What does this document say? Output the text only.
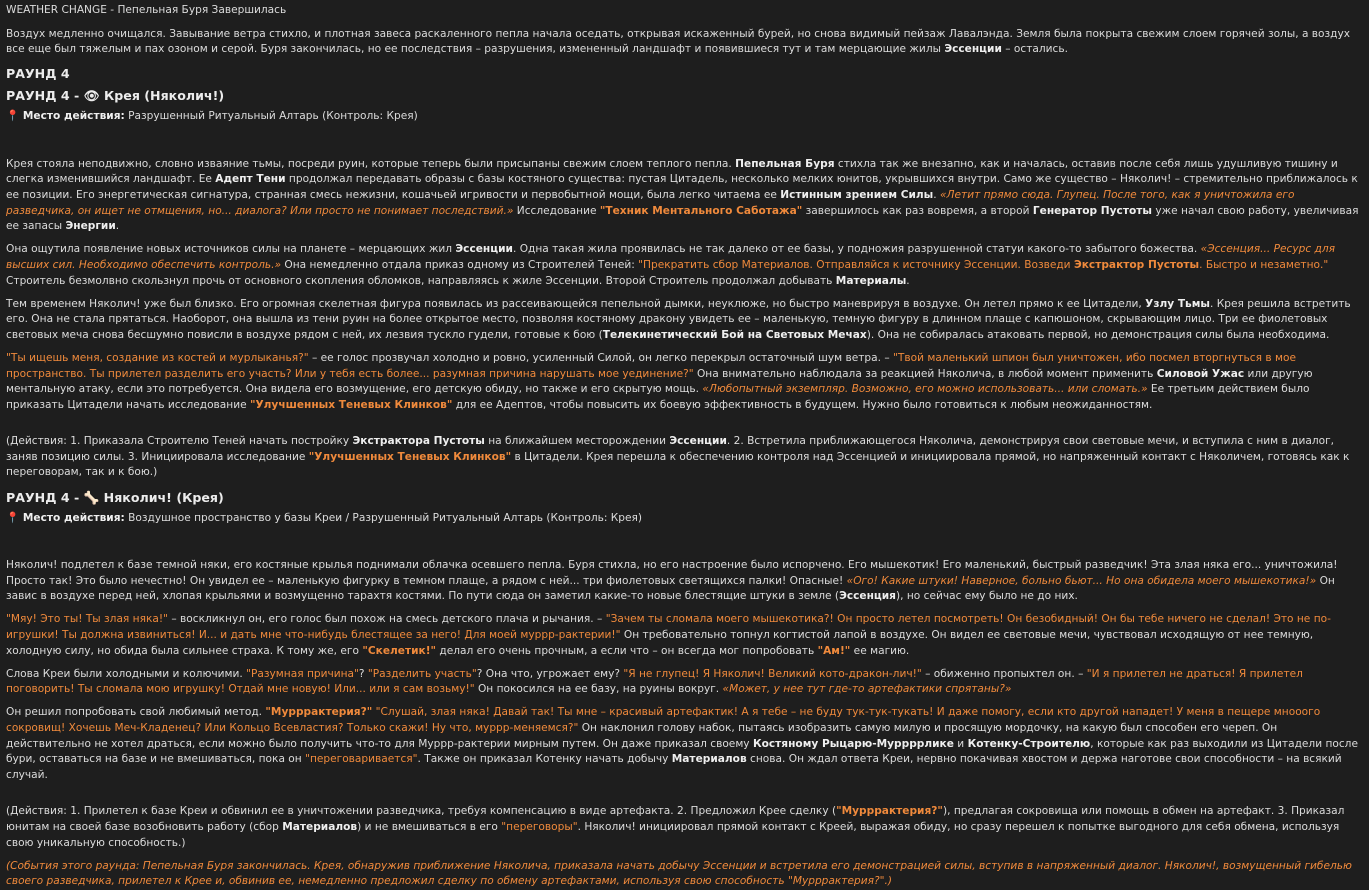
WEATHER CHANGE - Пепельная Буря Завершилась

Воздух медленно очищался. Завывание ветра стихло, и плотная завеса раскаленного пепла начала оседать, открывая искаженный бурей, но снова видимый пейзаж Лавалэнда. Земля была покрыта свежим слоем горячей золы, а воздух все еще был тяжелым и пах озоном и серой. Буря закончилась, но ее последствия – разрушения, измененный ландшафт и появившиеся тут и там мерцающие жилы Эссенции – остались.

РАУНД 4
РАУНД 4 - 👁 Крея (Няколич!)

📍 Место действия: Разрушенный Ритуальный Алтарь (Контроль: Крея)

Крея стояла неподвижно, словно изваяние тьмы, посреди руин, которые теперь были присыпаны свежим слоем теплого пепла. Пепельная Буря стихла так же внезапно, как и началась, оставив после себя лишь удушливую тишину и слегка изменившийся ландшафт. Ее Адепт Тени продолжал передавать образы с базы костяного существа: пустая Цитадель, несколько мелких юнитов, укрывшихся внутри. Само же существо – Няколич! – стремительно приближалось к ее позиции. Его энергетическая сигнатура, странная смесь нежизни, кошачьей игривости и первобытной мощи, была легко читаема ее Истинным зрением Силы. «Летит прямо сюда. Глупец. После того, как я уничтожила его разведчика, он ищет не отмщения, но... диалога? Или просто не понимает последствий.» Исследование "Техник Ментального Саботажа" завершилось как раз вовремя, а второй Генератор Пустоты уже начал свою работу, увеличивая ее запасы Энергии.

Она ощутила появление новых источников силы на планете – мерцающих жил Эссенции. Одна такая жила проявилась не так далеко от ее базы, у подножия разрушенной статуи какого-то забытого божества. «Эссенция... Ресурс для высших сил. Необходимо обеспечить контроль.» Она немедленно отдала приказ одному из Строителей Теней: "Прекратить сбор Материалов. Отправляйся к источнику Эссенции. Возведи Экстрактор Пустоты. Быстро и незаметно." Строитель безмолвно скользнул прочь от основного скопления обломков, направляясь к жиле Эссенции. Второй Строитель продолжал добывать Материалы.

Тем временем Няколич! уже был близко. Его огромная скелетная фигура появилась из рассеивающейся пепельной дымки, неуклюже, но быстро маневрируя в воздухе. Он летел прямо к ее Цитадели, Узлу Тьмы. Крея решила встретить его. Она не стала прятаться. Наоборот, она вышла из тени руин на более открытое место, позволяя костяному дракону увидеть ее – маленькую, темную фигуру в длинном плаще с капюшоном, скрывающим лицо. Три ее фиолетовых световых меча снова бесшумно повисли в воздухе рядом с ней, их лезвия тускло гудели, готовые к бою (Телекинетический Бой на Световых Мечах). Она не собиралась атаковать первой, но демонстрация силы была необходима.

"Ты ищешь меня, создание из костей и мурлыканья?" – ее голос прозвучал холодно и ровно, усиленный Силой, он легко перекрыл остаточный шум ветра. – "Твой маленький шпион был уничтожен, ибо посмел вторгнуться в мое пространство. Ты прилетел разделить его участь? Или у тебя есть более... разумная причина нарушать мое уединение?" Она внимательно наблюдала за реакцией Няколича, в любой момент применить Силовой Ужас или другую ментальную атаку, если это потребуется. Она видела его возмущение, его детскую обиду, но также и его скрытую мощь. «Любопытный экземпляр. Возможно, его можно использовать... или сломать.» Ее третьим действием было приказать Цитадели начать исследование "Улучшенных Теневых Клинков" для ее Адептов, чтобы повысить их боевую эффективность в будущем. Нужно было готовиться к любым неожиданностям.

(Действия: 1. Приказала Строителю Теней начать постройку Экстрактора Пустоты на ближайшем месторождении Эссенции. 2. Встретила приближающегося Няколича, демонстрируя свои световые мечи, и вступила с ним в диалог, заняв позицию силы. 3. Инициировала исследование "Улучшенных Теневых Клинков" в Цитадели. Крея перешла к обеспечению контроля над Эссенцией и инициировала прямой, но напряженный контакт с Няколичем, готовясь как к переговорам, так и к бою.)

РАУНД 4 - 🦴 Няколич! (Крея)

📍 Место действия: Воздушное пространство у базы Креи / Разрушенный Ритуальный Алтарь (Контроль: Крея)

Няколич! подлетел к базе темной няки, его костяные крылья поднимали облачка осевшего пепла. Буря стихла, но его настроение было испорчено. Его мышекотик! Его маленький, быстрый разведчик! Эта злая няка его... уничтожила! Просто так! Это было нечестно! Он увидел ее – маленькую фигурку в темном плаще, а рядом с ней... три фиолетовых светящихся палки! Опасные! «Ого! Какие штуки! Наверное, больно бьют... Но она обидела моего мышекотика!» Он завис в воздухе перед ней, хлопая крыльями и возмущенно тарахтя костями. По пути сюда он заметил какие-то новые блестящие штуки в земле (Эссенция), но сейчас ему было не до них.

"Мяу! Это ты! Ты злая няка!" – воскликнул он, его голос был похож на смесь детского плача и рычания. – "Зачем ты сломала моего мышекотика?! Он просто летел посмотреть! Он безобидный! Он бы тебе ничего не сделал! Это не по-игрушки! Ты должна извиниться! И... и дать мне что-нибудь блестящее за него! Для моей муррр-рактерии!" Он требовательно топнул когтистой лапой в воздухе. Он видел ее световые мечи, чувствовал исходящую от нее темную, холодную силу, но обида была сильнее страха. К тому же, его "Скелетик!" делал его очень прочным, а если что – он всегда мог попробовать "Ам!" ее магию.

Слова Креи были холодными и колючими. "Разумная причина"? "Разделить участь"? Она что, угрожает ему? "Я не глупец! Я Няколич! Великий кото-дракон-лич!" – обиженно пропыхтел он. – "И я прилетел не драться! Я прилетел поговорить! Ты сломала мою игрушку! Отдай мне новую! Или... или я сам возьму!" Он покосился на ее базу, на руины вокруг. «Может, у нее тут где-то артефактики спрятаны?»

Он решил попробовать свой любимый метод. "Мурррактерия?" "Слушай, злая няка! Давай так! Ты мне – красивый артефактик! А я тебе – не буду тук-тук-тукать! И даже помогу, если кто другой нападет! У меня в пещере мнооого сокровищ! Хочешь Меч-Кладенец? Или Кольцо Всевластия? Только скажи! Ну что, муррр-меняемся?" Он наклонил голову набок, пытаясь изобразить самую милую и просящую мордочку, на какую был способен его череп. Он действительно не хотел драться, если можно было получить что-то для Муррр-рактерии мирным путем. Он даже приказал своему Костяному Рыцарю-Муррррлике и Котенку-Строителю, которые как раз выходили из Цитадели после бури, оставаться на базе и не вмешиваться, пока он "переговаривается". Также он приказал Котенку начать добычу Материалов снова. Он ждал ответа Креи, нервно покачивая хвостом и держа наготове свои способности – на всякий случай.

(Действия: 1. Прилетел к базе Креи и обвинил ее в уничтожении разведчика, требуя компенсацию в виде артефакта. 2. Предложил Крее сделку ("Мурррактерия?"), предлагая сокровища или помощь в обмен на артефакт. 3. Приказал юнитам на своей базе возобновить работу (сбор Материалов) и не вмешиваться в его "переговоры". Няколич! инициировал прямой контакт с Креей, выражая обиду, но сразу перешел к попытке выгодного для себя обмена, используя свою уникальную способность.)

(События этого раунда: Пепельная Буря закончилась. Крея, обнаружив приближение Няколича, приказала начать добычу Эссенции и встретила его демонстрацией силы, вступив в напряженный диалог. Няколич!, возмущенный гибелью своего разведчика, прилетел к Крее и, обвинив ее, немедленно предложил сделку по обмену артефактами, используя свою способность "Мурррактерия?".)
